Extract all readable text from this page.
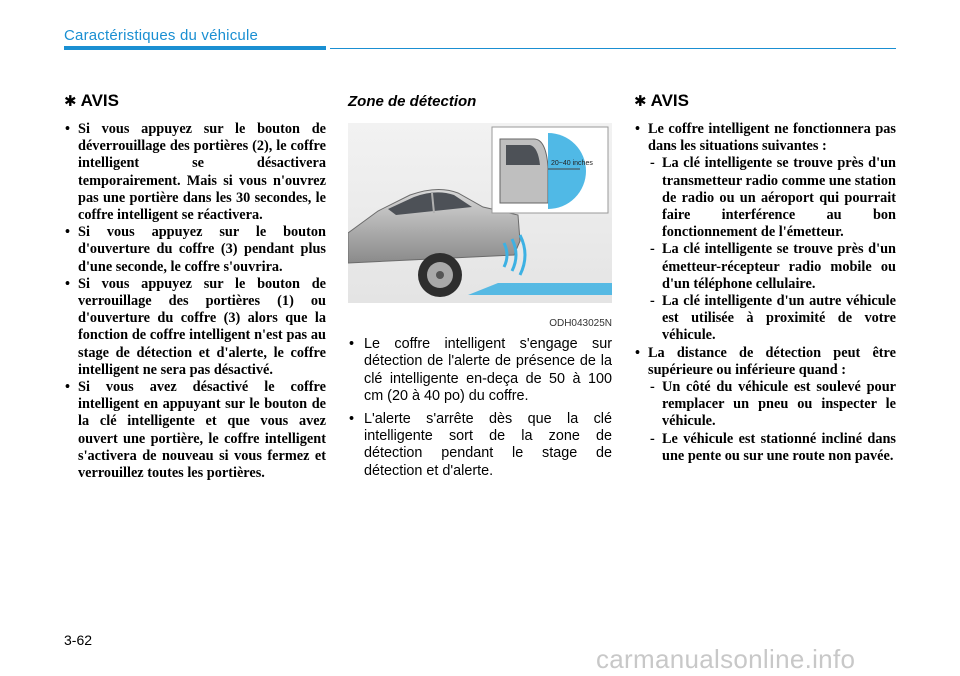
Caractéristiques du véhicule
✱ AVIS
• Si vous appuyez sur le bouton de déverrouillage des portières (2), le coffre intelligent se désactivera temporairement. Mais si vous n'ouvrez pas une portière dans les 30 secondes, le coffre intelligent se réactivera.
• Si vous appuyez sur le bouton d'ouverture du coffre (3) pendant plus d'une seconde, le coffre s'ouvrira.
• Si vous appuyez sur le bouton de verrouillage des portières (1) ou d'ouverture du coffre (3) alors que la fonction de coffre intelligent n'est pas au stage de détection et d'alerte, le coffre intelligent ne sera pas désactivé.
• Si vous avez désactivé le coffre intelligent en appuyant sur le bouton de la clé intelligente et que vous avez ouvert une portière, le coffre intelligent s'activera de nouveau si vous fermez et verrouillez toutes les portières.
Zone de détection
20~40 inches
ODH043025N
• Le coffre intelligent s'engage sur détection de l'alerte de présence de la clé intelligente en-deça de 50 à 100 cm (20 à 40 po) du coffre.
• L'alerte s'arrête dès que la clé intelligente sort de la zone de détection pendant le stage de détection et d'alerte.
✱ AVIS
• Le coffre intelligent ne fonctionnera pas dans les situations suivantes :
- La clé intelligente se trouve près d'un transmetteur radio comme une station de radio ou un aéroport qui pourrait faire interférence au bon fonctionnement de l'émetteur.
- La clé intelligente se trouve près d'un émetteur-récepteur radio mobile ou d'un téléphone cellulaire.
- La clé intelligente d'un autre véhicule est utilisée à proximité de votre véhicule.
• La distance de détection peut être supérieure ou inférieure quand :
- Un côté du véhicule est soulevé pour remplacer un pneu ou inspecter le véhicule.
- Le véhicule est stationné incliné dans une pente ou sur une route non pavée.
3-62
carmanualsonline.info
